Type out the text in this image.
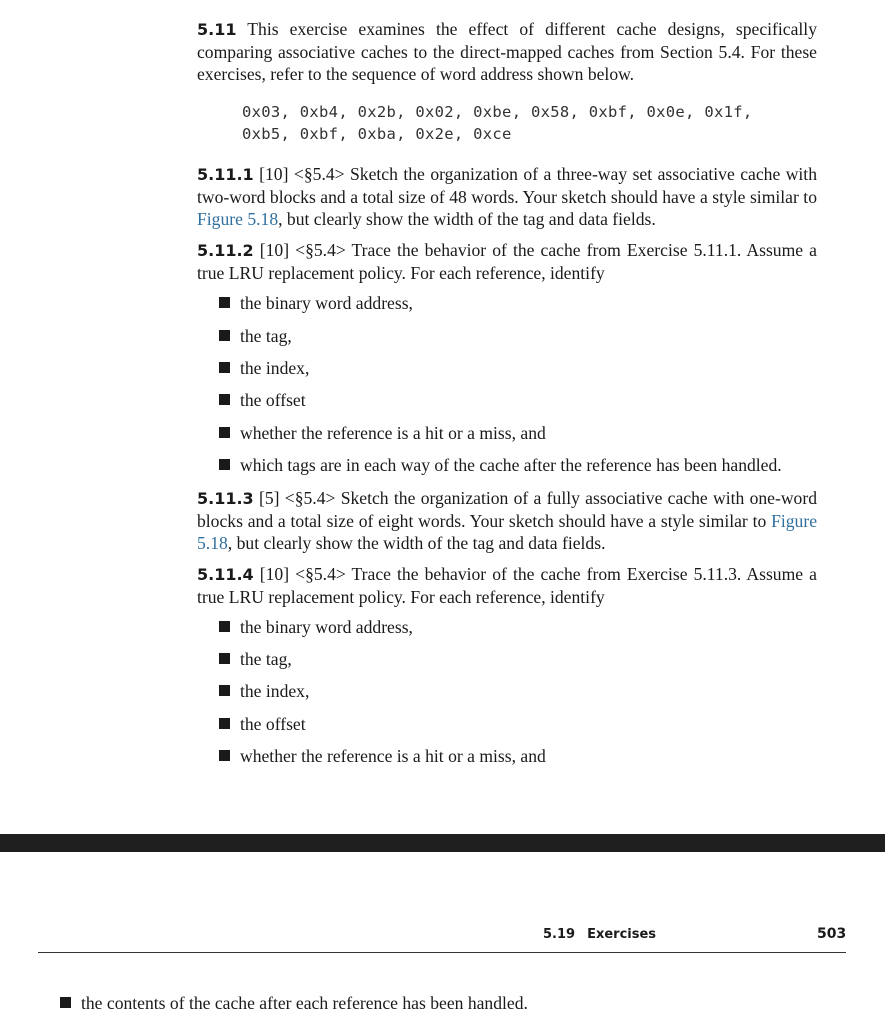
5.11 This exercise examines the effect of different cache designs, specifically comparing associative caches to the direct-mapped caches from Section 5.4. For these exercises, refer to the sequence of word address shown below.
0x03, 0xb4, 0x2b, 0x02, 0xbe, 0x58, 0xbf, 0x0e, 0x1f,
0xb5, 0xbf, 0xba, 0x2e, 0xce
5.11.1 [10] <§5.4> Sketch the organization of a three-way set associative cache with two-word blocks and a total size of 48 words. Your sketch should have a style similar to Figure 5.18, but clearly show the width of the tag and data fields.
5.11.2 [10] <§5.4> Trace the behavior of the cache from Exercise 5.11.1. Assume a true LRU replacement policy. For each reference, identify
the binary word address,
the tag,
the index,
the offset
whether the reference is a hit or a miss, and
which tags are in each way of the cache after the reference has been handled.
5.11.3 [5] <§5.4> Sketch the organization of a fully associative cache with one-word blocks and a total size of eight words. Your sketch should have a style similar to Figure 5.18, but clearly show the width of the tag and data fields.
5.11.4 [10] <§5.4> Trace the behavior of the cache from Exercise 5.11.3. Assume a true LRU replacement policy. For each reference, identify
the binary word address,
the tag,
the index,
the offset
whether the reference is a hit or a miss, and
5.19 Exercises	503
the contents of the cache after each reference has been handled.
